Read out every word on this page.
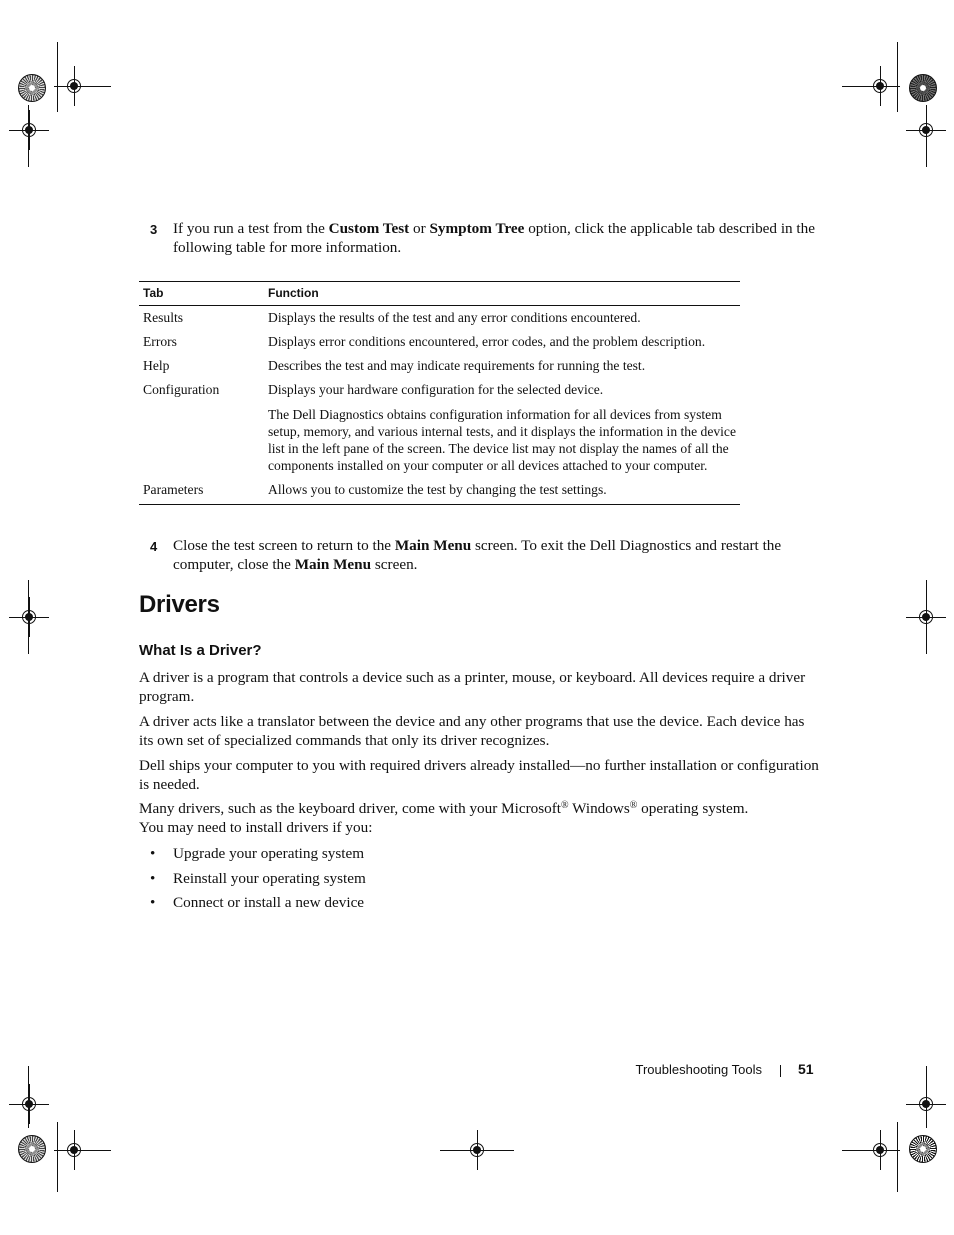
3 If you run a test from the Custom Test or Symptom Tree option, click the applicable tab described in the following table for more information.
Tab	Function
Results	Displays the results of the test and any error conditions encountered.
Errors	Displays error conditions encountered, error codes, and the problem description.
Help	Describes the test and may indicate requirements for running the test.
Configuration	Displays your hardware configuration for the selected device.
	The Dell Diagnostics obtains configuration information for all devices from system setup, memory, and various internal tests, and it displays the information in the device list in the left pane of the screen. The device list may not display the names of all the components installed on your computer or all devices attached to your computer.
Parameters	Allows you to customize the test by changing the test settings.
4 Close the test screen to return to the Main Menu screen. To exit the Dell Diagnostics and restart the computer, close the Main Menu screen.
Drivers
What Is a Driver?
A driver is a program that controls a device such as a printer, mouse, or keyboard. All devices require a driver program.
A driver acts like a translator between the device and any other programs that use the device. Each device has its own set of specialized commands that only its driver recognizes.
Dell ships your computer to you with required drivers already installed—no further installation or configuration is needed.
Many drivers, such as the keyboard driver, come with your Microsoft® Windows® operating system.
You may need to install drivers if you:
• Upgrade your operating system
• Reinstall your operating system
• Connect or install a new device
Troubleshooting Tools	51
